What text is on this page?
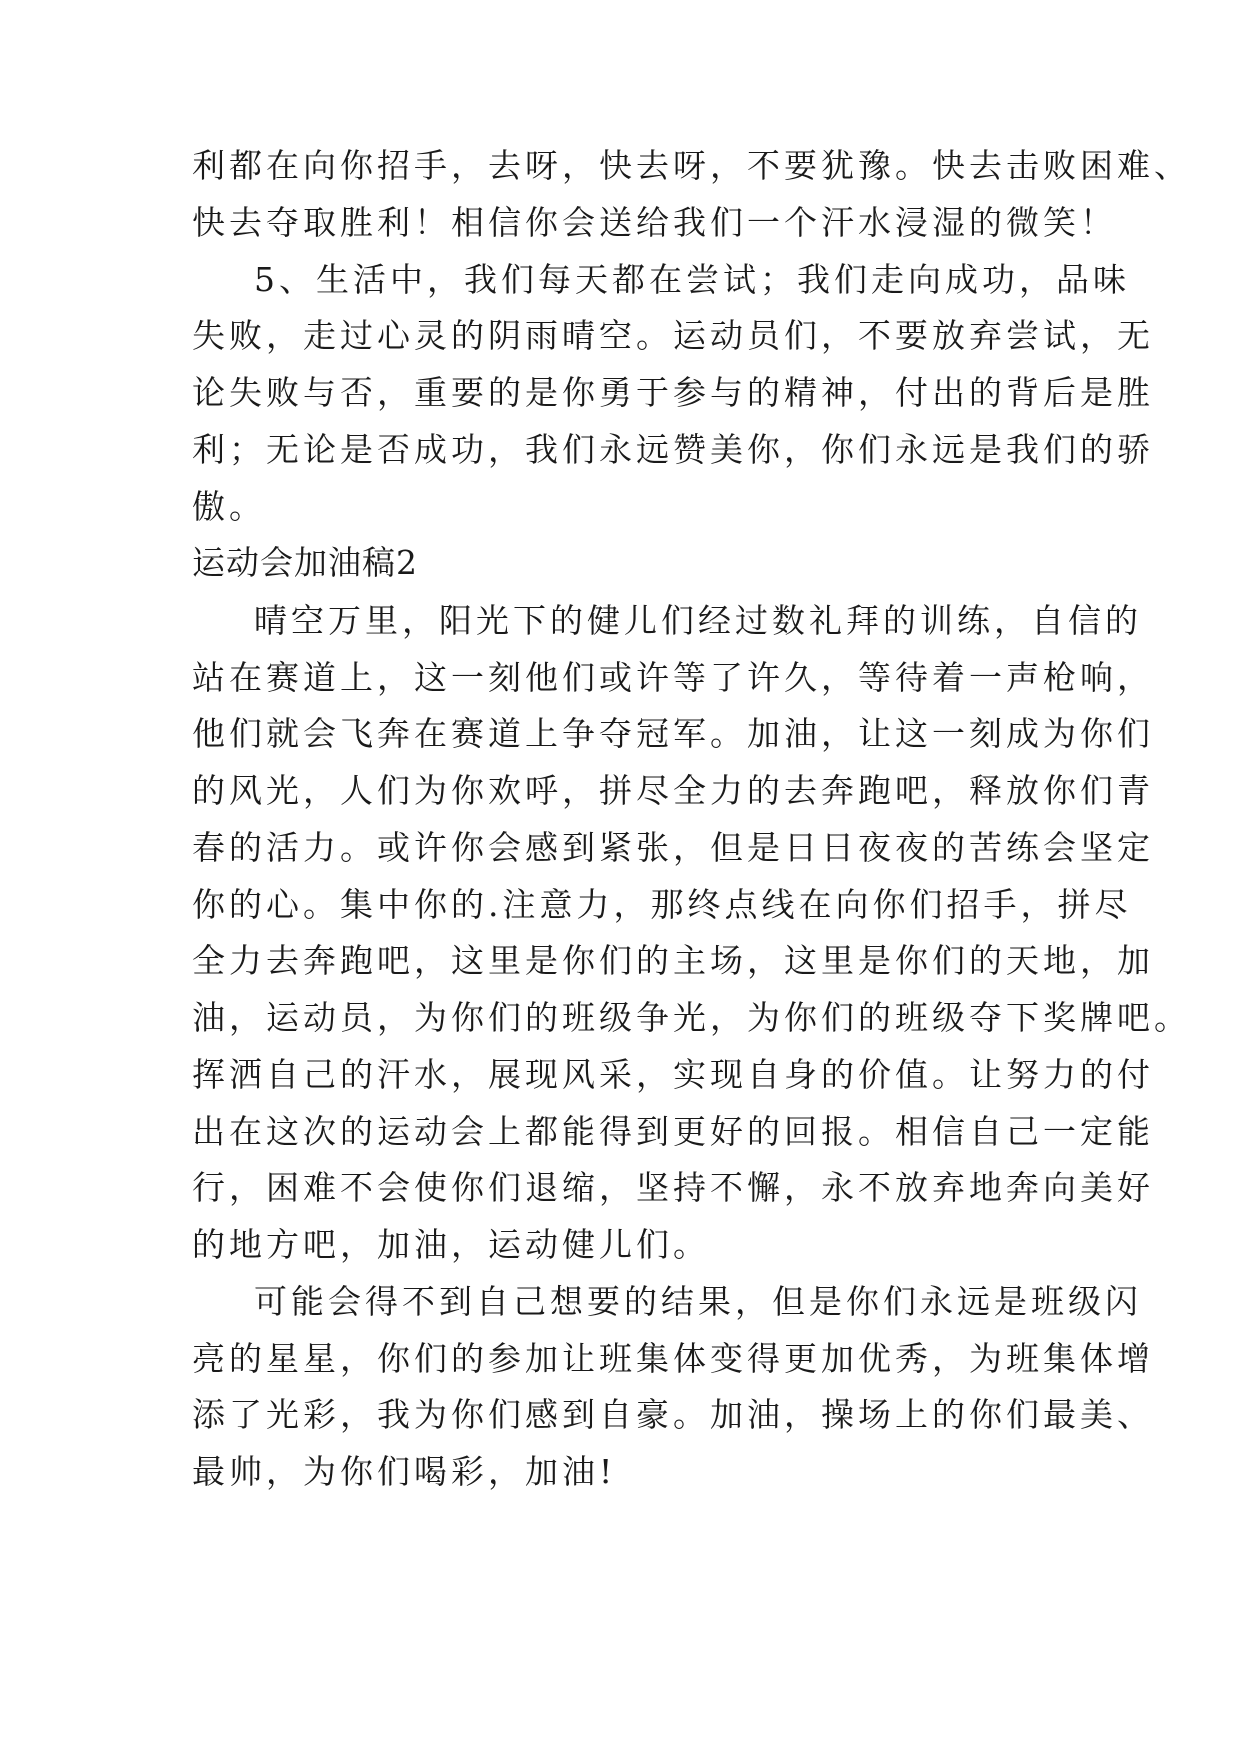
利都在向你招手，去呀，快去呀，不要犹豫。快去击败困难、
快去夺取胜利！相信你会送给我们一个汗水浸湿的微笑！
5、生活中，我们每天都在尝试；我们走向成功，品味
失败，走过心灵的阴雨晴空。运动员们，不要放弃尝试，无
论失败与否，重要的是你勇于参与的精神，付出的背后是胜
利；无论是否成功，我们永远赞美你，你们永远是我们的骄
傲。
运动会加油稿2
晴空万里，阳光下的健儿们经过数礼拜的训练，自信的
站在赛道上，这一刻他们或许等了许久，等待着一声枪响，
他们就会飞奔在赛道上争夺冠军。加油，让这一刻成为你们
的风光，人们为你欢呼，拼尽全力的去奔跑吧，释放你们青
春的活力。或许你会感到紧张，但是日日夜夜的苦练会坚定
你的心。集中你的.注意力，那终点线在向你们招手，拼尽
全力去奔跑吧，这里是你们的主场，这里是你们的天地，加
油，运动员，为你们的班级争光，为你们的班级夺下奖牌吧。
挥洒自己的汗水，展现风采，实现自身的价值。让努力的付
出在这次的运动会上都能得到更好的回报。相信自己一定能
行，困难不会使你们退缩，坚持不懈，永不放弃地奔向美好
的地方吧，加油，运动健儿们。
可能会得不到自己想要的结果，但是你们永远是班级闪
亮的星星，你们的参加让班集体变得更加优秀，为班集体增
添了光彩，我为你们感到自豪。加油，操场上的你们最美、
最帅，为你们喝彩，加油!
